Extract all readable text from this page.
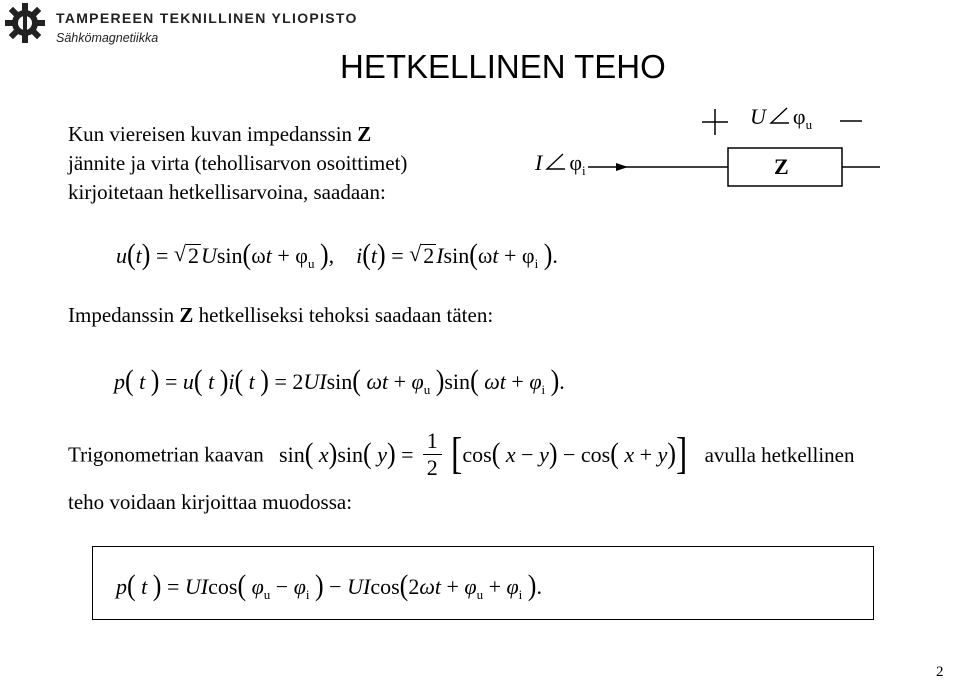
TAMPEREEN TEKNILLINEN YLIOPISTO
Sähkömagnetiikka
HETKELLINEN TEHO
Kun viereisen kuvan impedanssin Z
jännite ja virta (tehollisarvon osoittimet)
kirjoitetaan hetkellisarvoina, saadaan:
U $\varphi_u$
I $\varphi_i$	Z
$u(t) = √2Usin(\omega t + \varphi_u$ ),    $i(t) = √2Isin(\omega t + \varphi_i$ ).
Impedanssin Z hetkelliseksi tehoksi saadaan täten:
p( t ) = u( t )i( t ) = 2UIsin( $\omega t + \varphi_u$ )sin( $\omega t + \varphi_i$ ).
Trigonometrian kaavan sin( x)sin( $y) = \frac{1}{2} [\cos$( x − y) − cos( x + y)] avulla hetkellinen
teho voidaan kirjoittaa muodossa:
p( t ) = UIcos( $\varphi_u - \varphi_i$ ) − $UIcos(2\omega t + \varphi_u + \varphi_i$ ).
2
